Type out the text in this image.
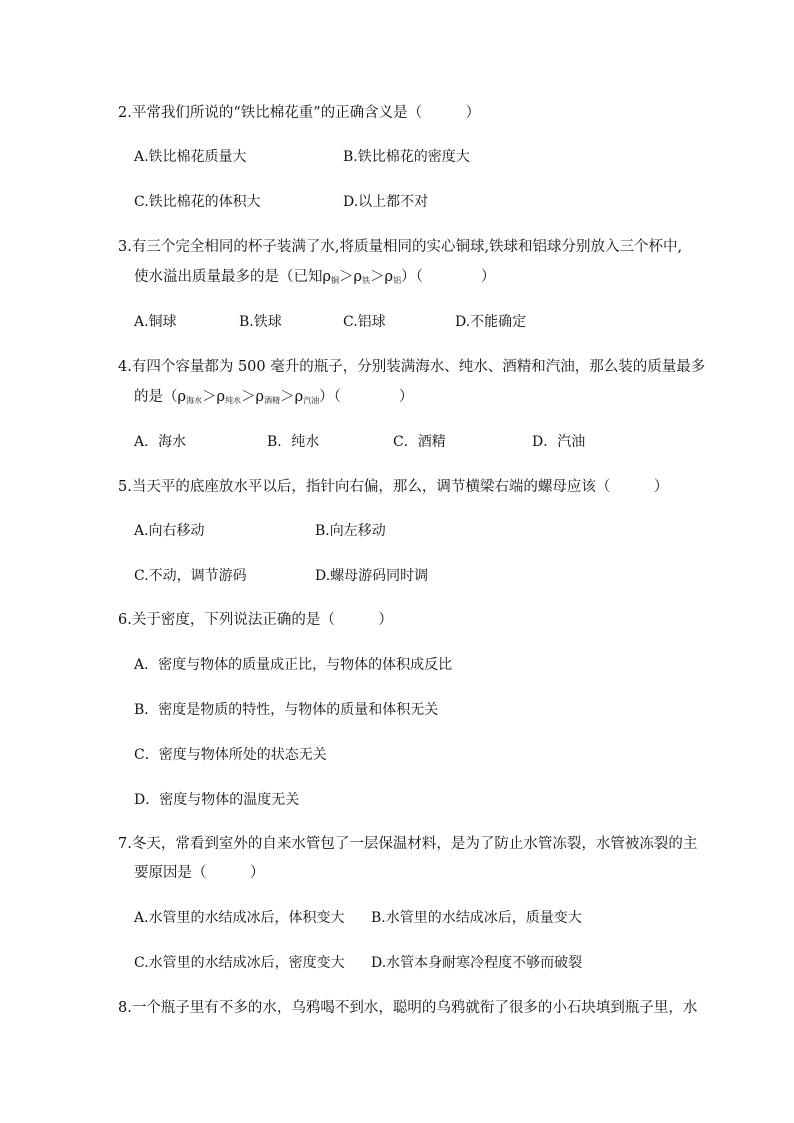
2.平常我们所说的“铁比棉花重”的正确含义是（　　　）
A.铁比棉花质量大	B.铁比棉花的密度大
C.铁比棉花的体积大	D.以上都不对
3.有三个完全相同的杯子装满了水,将质量相同的实心铜球,铁球和铝球分别放入三个杯中,
使水溢出质量最多的是（已知$\rho_铜>\rho_铁>\rho_铝$）（　　　　）
A.铜球	B.铁球	C.铝球	D.不能确定
4.有四个容量都为 500 毫升的瓶子，分别装满海水、纯水、酒精和汽油，那么装的质量最多
的是$(\rho_{海水}>\rho_{纯水}>\rho_{酒精}>\rho_{汽油})$（　　　　）
A．海水	B．纯水	C．酒精	D．汽油
5.当天平的底座放水平以后，指针向右偏，那么，调节横梁右端的螺母应该（　　　）
A.向右移动	B.向左移动
C.不动，调节游码	D.螺母游码同时调
6.关于密度，下列说法正确的是（　　　）
A．密度与物体的质量成正比，与物体的体积成反比
B．密度是物质的特性，与物体的质量和体积无关
C．密度与物体所处的状态无关
D．密度与物体的温度无关
7.冬天，常看到室外的自来水管包了一层保温材料，是为了防止水管冻裂，水管被冻裂的主
要原因是（　　　）
A.水管里的水结成冰后，体积变大 B.水管里的水结成冰后，质量变大
C.水管里的水结成冰后，密度变大 D.水管本身耐寒冷程度不够而破裂
8.一个瓶子里有不多的水，乌鸦喝不到水，聪明的乌鸦就衔了很多的小石块填到瓶子里，水
